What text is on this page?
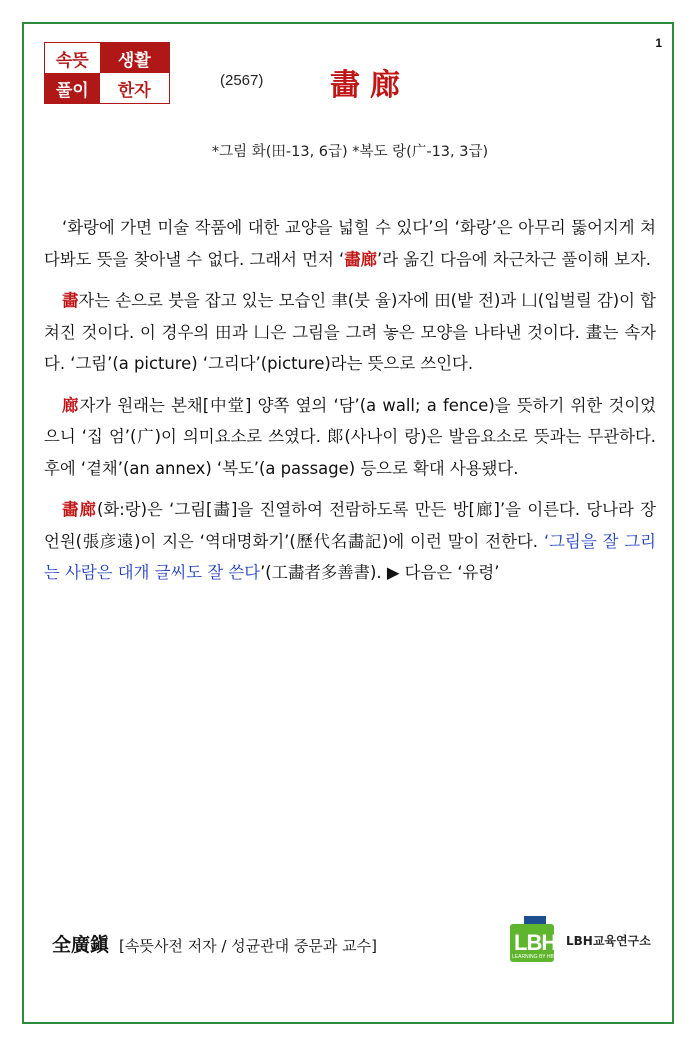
1
속뜻	생활
풀이	한자	(2567) 畵廊
*그림 화(田-13, 6급) *복도 랑(广-13, 3급)

‘화랑에 가면 미술 작품에 대한 교양을 넓힐 수 있다’의 ‘화랑’은 아무리 뚫어지게 쳐다봐도 뜻을 찾아낼 수 없다. 그래서 먼저 ‘畵廊’라 옮긴 다음에 차근차근 풀이해 보자.

畵자는 손으로 붓을 잡고 있는 모습인 聿(붓 율)자에 田(밭 전)과 凵(입벌릴 감)이 합쳐진 것이다. 이 경우의 田과 凵은 그림을 그려 놓은 모양을 나타낸 것이다. 畫는 속자다. ‘그림’(a picture) ‘그리다’(picture)라는 뜻으로 쓰인다.

廊자가 원래는 본채[中堂] 양쪽 옆의 ‘담’(a wall; a fence)을 뜻하기 위한 것이었으니 ‘집 엄’(广)이 의미요소로 쓰였다. 郞(사나이 랑)은 발음요소로 뜻과는 무관하다. 후에 ‘곁채’(an annex) ‘복도’(a passage) 등으로 확대 사용됐다.

畵廊(화:랑)은 ‘그림[畵]을 진열하여 전람하도록 만든 방[廊]’을 이른다. 당나라 장언원(張彦遠)이 지은 ‘역대명화기’(歷代名畵記)에 이런 말이 전한다. ‘그림을 잘 그리는 사람은 대개 글씨도 잘 쓴다’(工畵者多善書). ▶ 다음은 ‘유령’

全廣鎭 [속뜻사전 저자 / 성균관대 중문과 교수]	LBH
LEARNING BY HBT
LBH교육연구소
